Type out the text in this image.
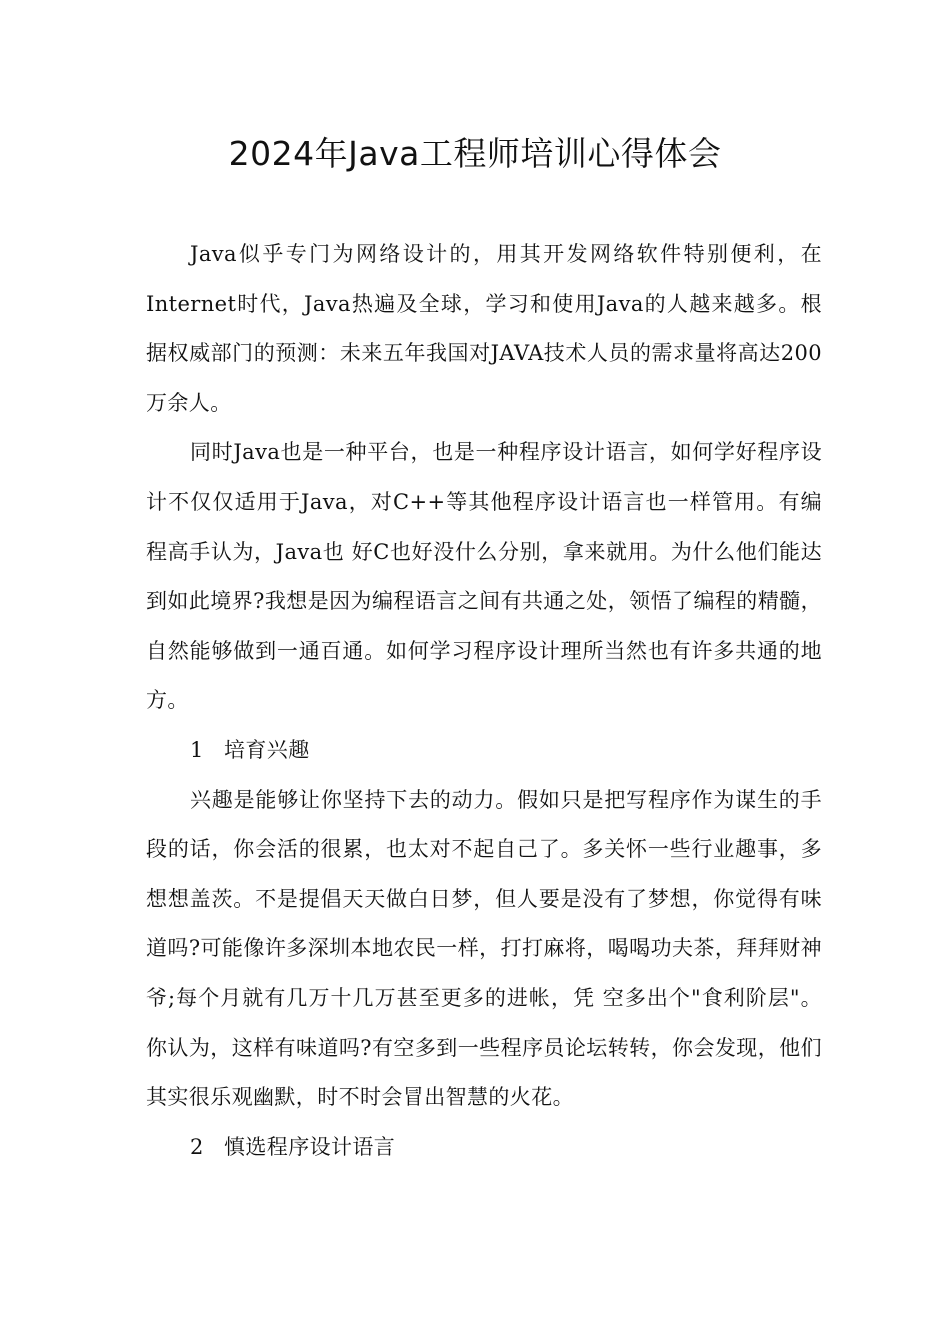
2024年Java工程师培训心得体会

Java似乎专门为网络设计的，用其开发网络软件特别便利，在Internet时代，Java热遍及全球，学习和使用Java的人越来越多。根据权威部门的预测：未来五年我国对JAVA技术人员的需求量将高达200万余人。

同时Java也是一种平台，也是一种程序设计语言，如何学好程序设计不仅仅适用于Java，对C++等其他程序设计语言也一样管用。有编程高手认为，Java也 好C也好没什么分别，拿来就用。为什么他们能达到如此境界?我想是因为编程语言之间有共通之处，领悟了编程的精髓，自然能够做到一通百通。如何学习程序设计理所当然也有许多共通的地方。

1 培育兴趣

兴趣是能够让你坚持下去的动力。假如只是把写程序作为谋生的手段的话，你会活的很累，也太对不起自己了。多关怀一些行业趣事，多想想盖茨。不是提倡天天做白日梦，但人要是没有了梦想，你觉得有味道吗?可能像许多深圳本地农民一样，打打麻将，喝喝功夫茶，拜拜财神爷;每个月就有几万十几万甚至更多的进帐，凭 空多出个"食利阶层"。你认为，这样有味道吗?有空多到一些程序员论坛转转，你会发现，他们其实很乐观幽默，时不时会冒出智慧的火花。

2 慎选程序设计语言
